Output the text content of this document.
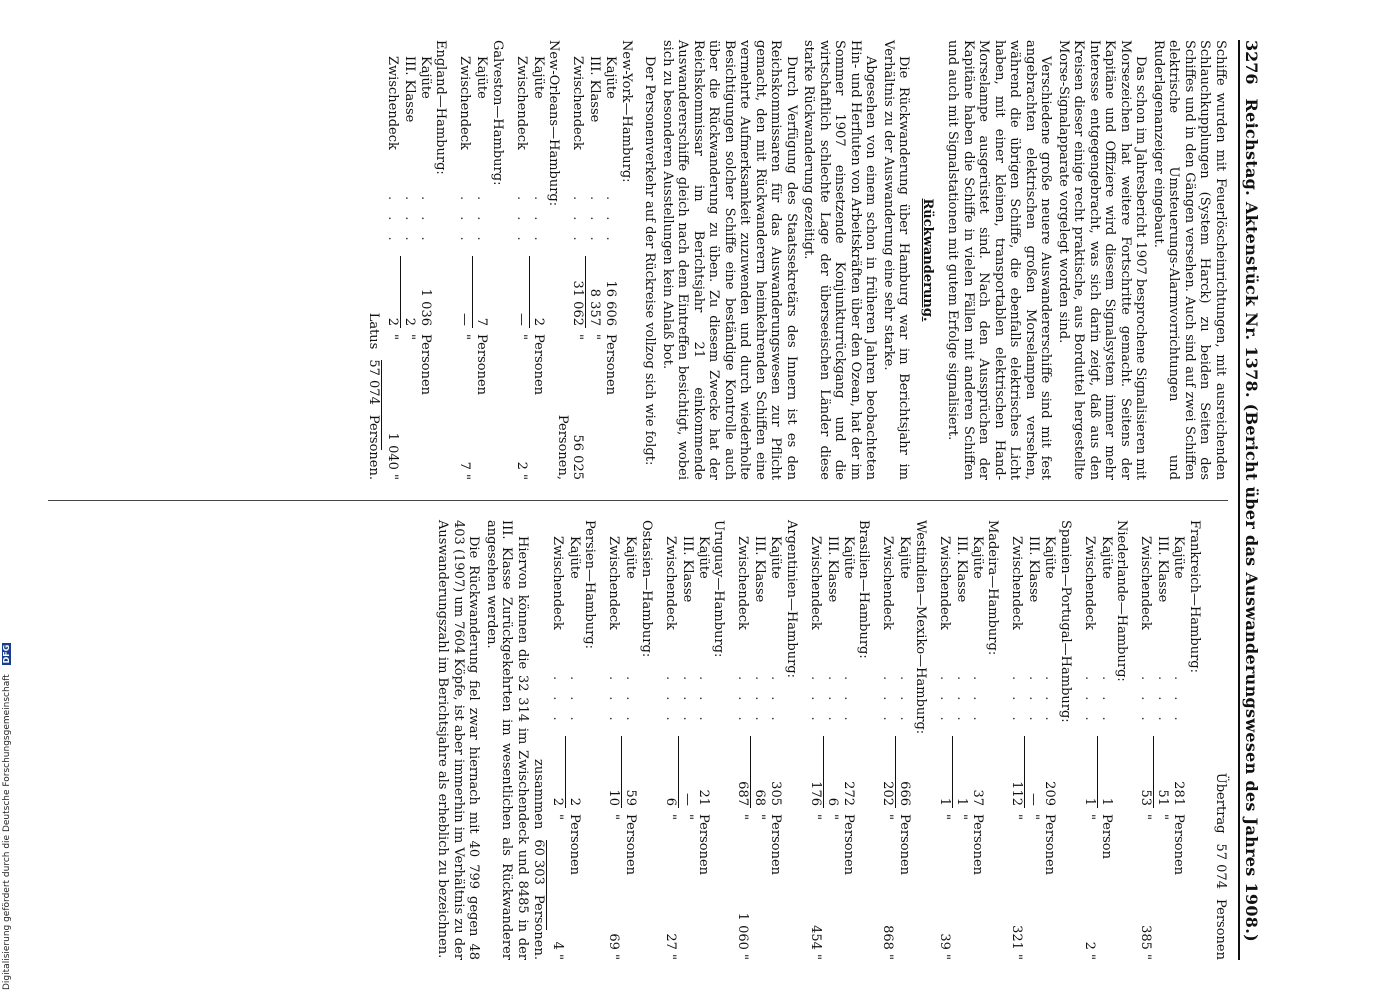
3276
Reichstag. Aktenstück Nr. 1378. (Bericht über das Auswanderungswesen des Jahres 1908.)

Schiffe wurden mit Feuerlöscheinrichtungen, mit ausreichenden Schlauchkupplungen (System Harck) zu beiden Seiten des Schiffes und in den Gängen versehen. Auch sind auf zwei Schiffen elektrische Umsteuerungs-Alarmvorrichtungen und Ruderlagenanzeiger eingebaut.

Das schon im Jahresbericht 1907 besprochene Signalisieren mit Morsezeichen hat weitere Fortschritte gemacht. Seitens der Kapitäne und Offiziere wird diesem Signalsystem immer mehr Interesse entgegengebracht, was sich darin zeigt, daß aus den Kreisen dieser einige recht praktische, aus Borduttel hergestellte Morse-Signalapparate vorgelegt worden sind.

Verschiedene große neuere Auswandererschiffe sind mit fest angebrachten elektrischen großen Morselampen versehen, während die übrigen Schiffe, die ebenfalls elektrisches Licht haben, mit einer kleinen, transportablen elektrischen Hand-Morselampe ausgerüstet sind. Nach den Aussprüchen der Kapitäne haben die Schiffe in vielen Fällen mit anderen Schiffen und auch mit Signalstationen mit gutem Erfolge signalisiert.

Rückwanderung.

Die Rückwanderung über Hamburg war im Berichtsjahr im Verhältnis zu der Auswanderung eine sehr starke.

Abgesehen von einem schon in früheren Jahren beobachteten Hin- und Herfluten von Arbeitskräften über den Ozean, hat der im Sommer 1907 einsetzende Konjunkturrückgang und die wirtschaftlich schlechte Lage der überseeischen Länder diese starke Rückwanderung gezeitigt.

Durch Verfügung des Staatssekretärs des Innern ist es den Reichskommissaren für das Auswanderungswesen zur Pflicht gemacht, den mit Rückwanderern heimkehrenden Schiffen eine vermehrte Aufmerksamkeit zuzuwenden und durch wiederholte Besichtigungen solcher Schiffe eine beständige Kontrolle auch über die Rückwanderung zu üben. Zu diesem Zwecke hat der Reichskommissar im Berichtsjahr 21 einkommende Auswandererschiffe gleich nach dem Eintreffen besichtigt, wobei sich zu besonderen Ausstellungen kein Anlaß bot.

Der Personenverkehr auf der Rückreise vollzog sich wie folgt:

New-York—Hamburg:
Kajüte
. . .
16 606
Personen
III. Klasse
. . .
8 357
"
Zwischendeck
. . .
31 062
"
56 025 Personen,
New-Orleans—Hamburg:
Kajüte
. . .
2
Personen
Zwischendeck
. . .
—
"
2 "
Galveston—Hamburg:
Kajüte
. . .
7
Personen
Zwischendeck
. . .
—
"
7 "
England—Hamburg:
Kajüte
. . .
1 036
Personen
III. Klasse
. . .
2
"
Zwischendeck
. . .
2
"
1 040 "
Latus
57 074
Personen.
Übertrag
57 074
Personen
Frankreich—Hamburg:
Kajüte
. . .
281
Personen
III. Klasse
. . .
51
"
Zwischendeck
. . .
53
"
385 "
Niederlande—Hamburg:
Kajüte
. . .
1
Person
Zwischendeck
. . .
1
"
2 "
Spanien—Portugal—Hamburg:
Kajüte
. . .
209
Personen
III. Klasse
. . .
—
"
Zwischendeck
. . .
112
"
321 "
Madeira—Hamburg:
Kajüte
. . .
37
Personen
III. Klasse
. . .
1
"
Zwischendeck
. . .
1
"
39 "
Westindien—Mexiko—Hamburg:
Kajüte
. . .
666
Personen
Zwischendeck
. . .
202
"
868 "
Brasilien—Hamburg:
Kajüte
. . .
272
Personen
III. Klasse
. . .
6
"
Zwischendeck
. . .
176
"
454 "
Argentinien—Hamburg:
Kajüte
. . .
305
Personen
III. Klasse
. . .
68
"
Zwischendeck
. . .
687
"
1 060 "
Uruguay—Hamburg:
Kajüte
. . .
21
Personen
III. Klasse
. . .
—
"
Zwischendeck
. . .
6
"
27 "
Ostasien—Hamburg:
Kajüte
. . .
59
Personen
Zwischendeck
. . .
10
"
69 "
Persien—Hamburg:
Kajüte
. . .
2
Personen
Zwischendeck
. . .
2
"
4 "
zusammen
60 303
Personen.

Hiervon können die 32 314 im Zwischendeck und 8485 in der III. Klasse Zurückgekehrten im wesentlichen als Rückwanderer angesehen werden.

Die Rückwanderung fiel zwar hiernach mit 40 799 gegen 48 403 (1907) um 7604 Köpfe, ist aber immerhin im Verhältnis zu der Auswanderungszahl im Berichtsjahre als erheblich zu bezeichnen.

Digitalisierung gefördert durch die Deutsche Forschungsgemeinschaft DFG
